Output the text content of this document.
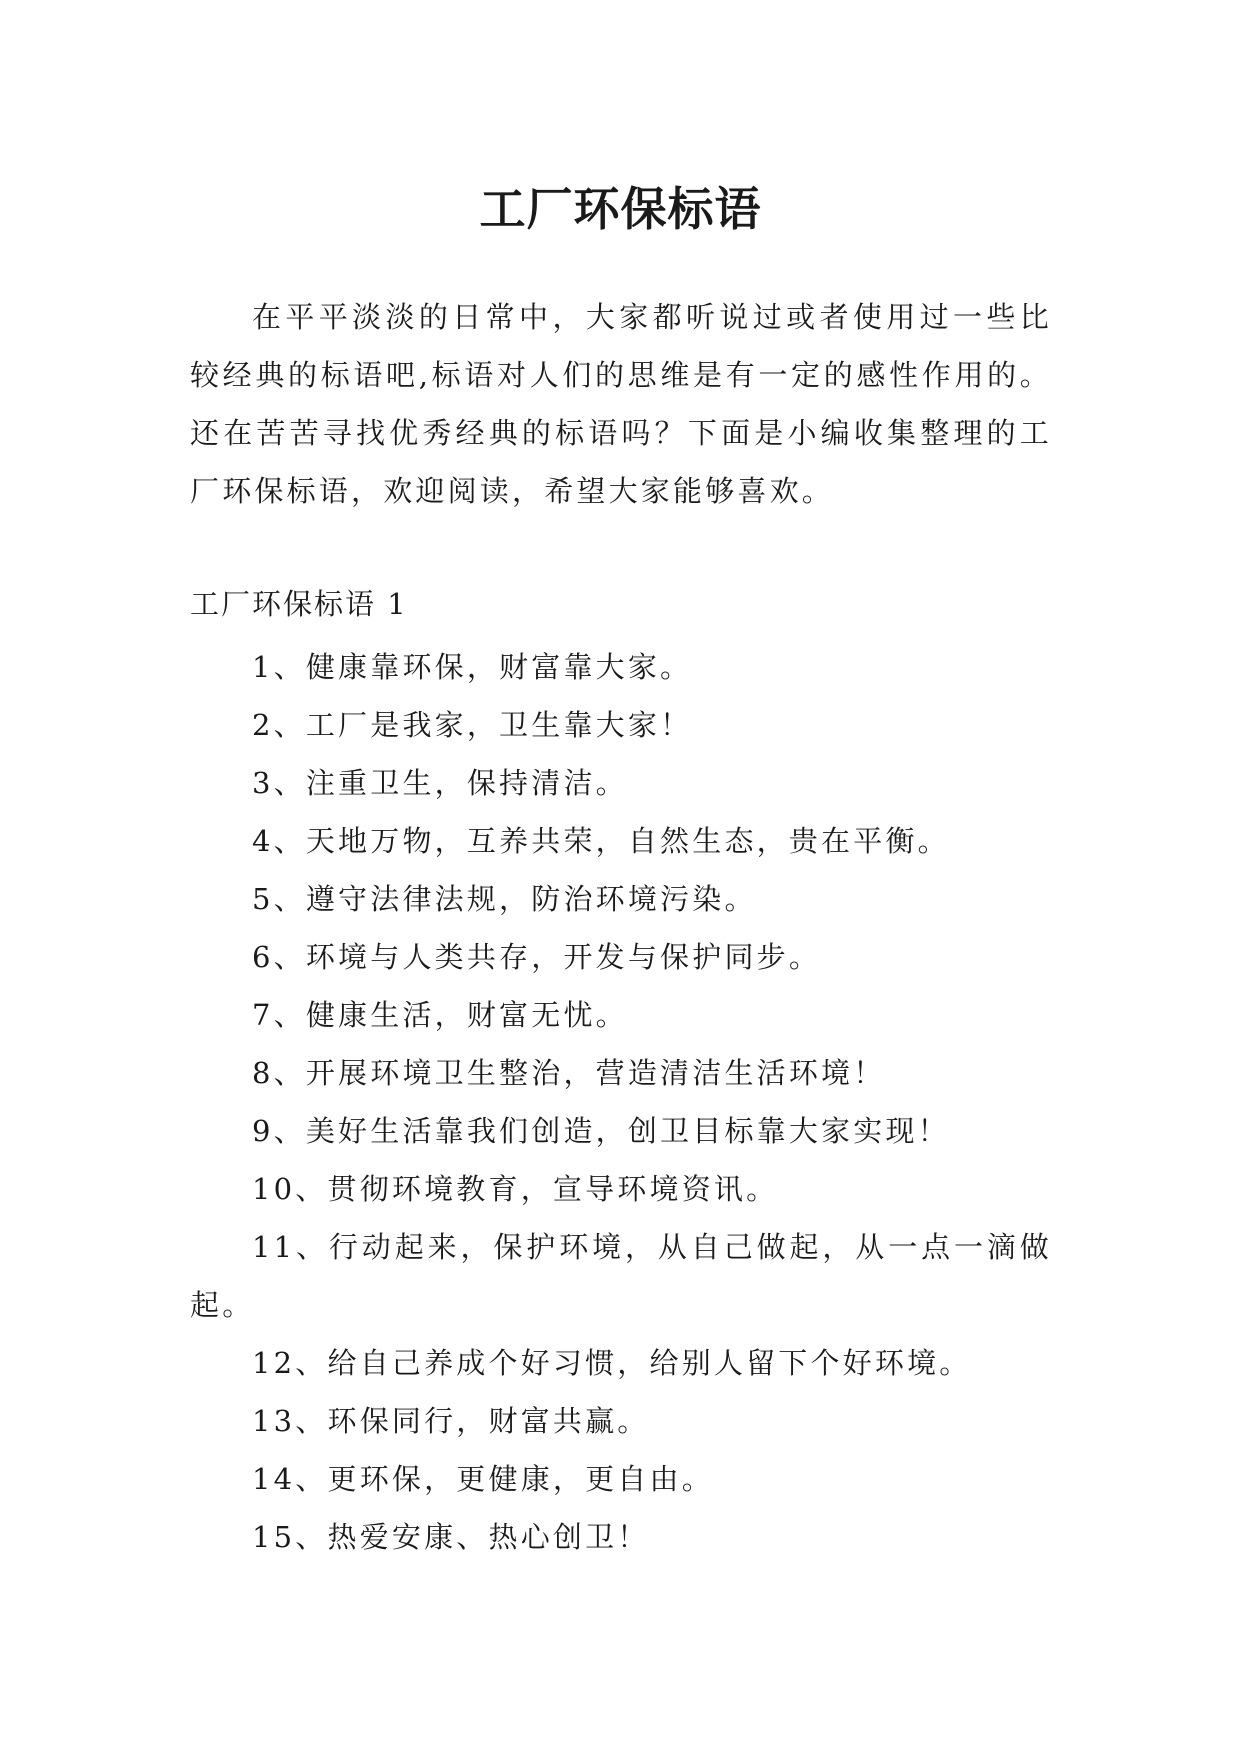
工厂环保标语

在平平淡淡的日常中，大家都听说过或者使用过一些比较经典的标语吧,标语对人们的思维是有一定的感性作用的。还在苦苦寻找优秀经典的标语吗？下面是小编收集整理的工厂环保标语，欢迎阅读，希望大家能够喜欢。

工厂环保标语 1

1、健康靠环保，财富靠大家。
2、工厂是我家，卫生靠大家！
3、注重卫生，保持清洁。
4、天地万物，互养共荣，自然生态，贵在平衡。
5、遵守法律法规，防治环境污染。
6、环境与人类共存，开发与保护同步。
7、健康生活，财富无忧。
8、开展环境卫生整治，营造清洁生活环境！
9、美好生活靠我们创造，创卫目标靠大家实现！
10、贯彻环境教育，宣导环境资讯。
11、行动起来，保护环境，从自己做起，从一点一滴做起。
12、给自己养成个好习惯，给别人留下个好环境。
13、环保同行，财富共赢。
14、更环保，更健康，更自由。
15、热爱安康、热心创卫！
